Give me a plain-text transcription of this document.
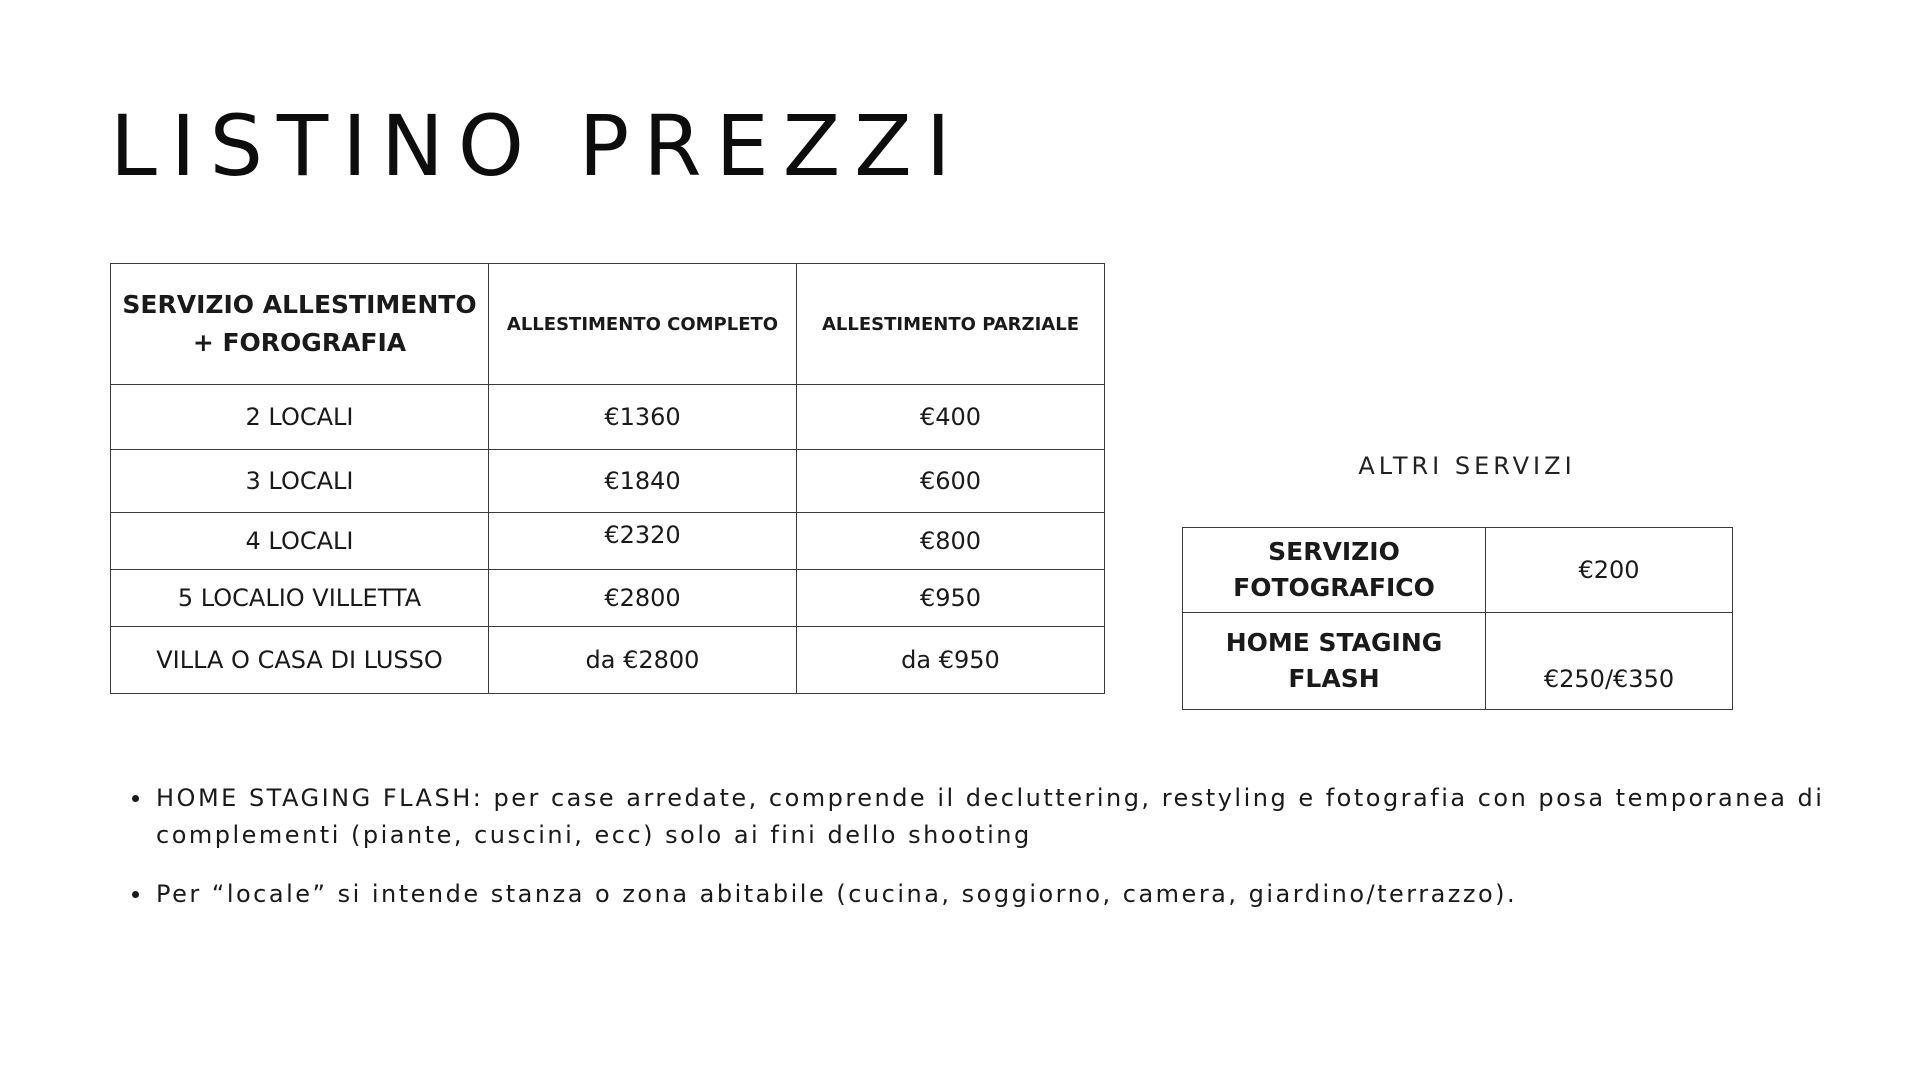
LISTINO PREZZI
SERVIZIO ALLESTIMENTO
+ FOROGRAFIA	ALLESTIMENTO COMPLETO	ALLESTIMENTO PARZIALE
2 LOCALI	€1360	€400
3 LOCALI	€1840	€600
4 LOCALI	€2320	€800
5 LOCALIO VILLETTA	€2800	€950
VILLA O CASA DI LUSSO	da €2800	da €950
ALTRI SERVIZI
SERVIZIO
FOTOGRAFICO	€200
HOME STAGING
FLASH	€250/€350
HOME STAGING FLASH: per case arredate, comprende il decluttering, restyling e fotografia con posa temporanea di complementi (piante, cuscini, ecc) solo ai fini dello shooting
Per “locale” si intende stanza o zona abitabile (cucina, soggiorno, camera, giardino/terrazzo).
